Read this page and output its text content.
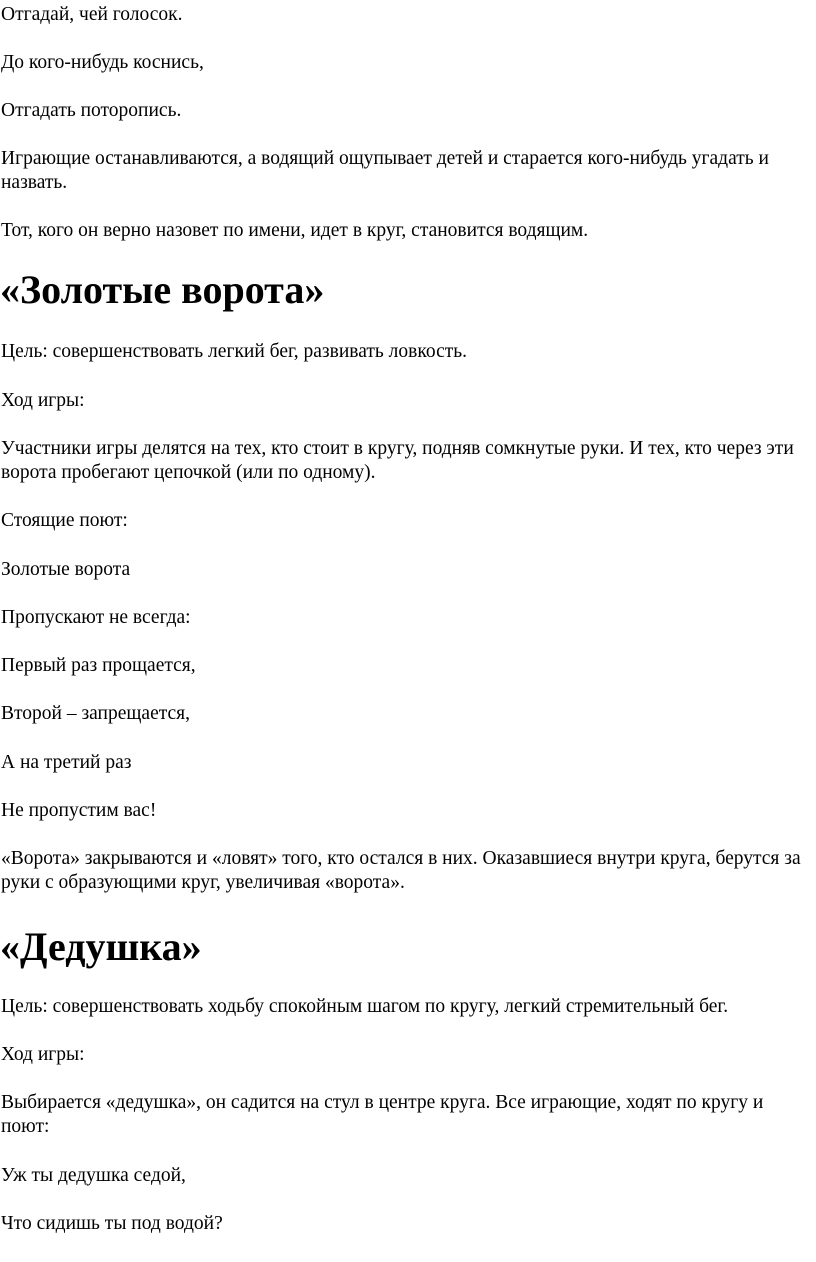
Отгадай, чей голосок.

До кого-нибудь коснись,

Отгадать поторопись.

Играющие останавливаются, а водящий ощупывает детей и старается кого-нибудь угадать и назвать.

Тот, кого он верно назовет по имени, идет в круг, становится водящим.

«Золотые ворота»

Цель: совершенствовать легкий бег, развивать ловкость.

Ход игры:

Участники игры делятся на тех, кто стоит в кругу, подняв сомкнутые руки. И тех, кто через эти ворота пробегают цепочкой (или по одному).

Стоящие поют:

Золотые ворота

Пропускают не всегда:

Первый раз прощается,

Второй – запрещается,

А на третий раз

Не пропустим вас!

«Ворота» закрываются и «ловят» того, кто остался в них. Оказавшиеся внутри круга, берутся за руки с образующими круг, увеличивая «ворота».

«Дедушка»

Цель: совершенствовать ходьбу спокойным шагом по кругу, легкий стремительный бег.

Ход игры:

Выбирается «дедушка», он садится на стул в центре круга. Все играющие, ходят по кругу и поют:

Уж ты дедушка седой,

Что сидишь ты под водой?
